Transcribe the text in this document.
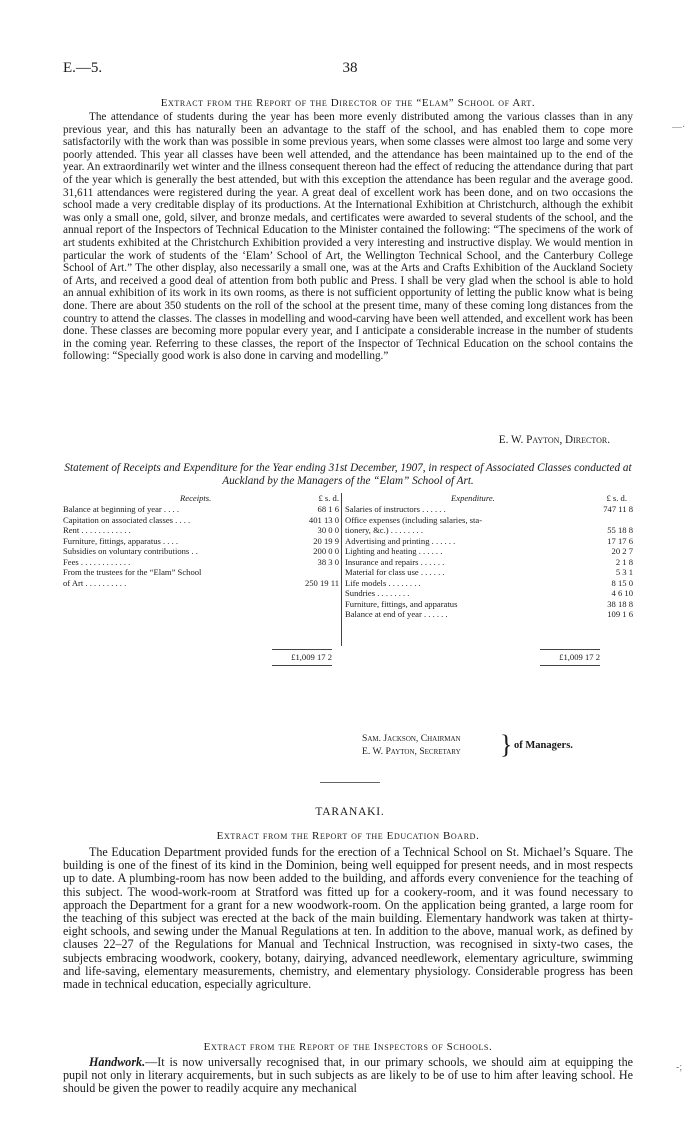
E.—5.	38
—·
-;
Extract from the Report of the Director of the “Elam” School of Art.

The attendance of students during the year has been more evenly distributed among the various classes than in any previous year, and this has naturally been an advantage to the staff of the school, and has enabled them to cope more satisfactorily with the work than was possible in some previous years, when some classes were almost too large and some very poorly attended. This year all classes have been well attended, and the attendance has been maintained up to the end of the year. An extraordinarily wet winter and the illness consequent thereon had the effect of reducing the attendance during that part of the year which is generally the best attended, but with this exception the attendance has been regular and the average good. 31,611 attendances were registered during the year. A great deal of excellent work has been done, and on two occasions the school made a very creditable display of its productions. At the International Exhibition at Christchurch, although the exhibit was only a small one, gold, silver, and bronze medals, and certificates were awarded to several students of the school, and the annual report of the Inspectors of Technical Education to the Minister contained the following: “The specimens of the work of art students exhibited at the Christchurch Exhibition provided a very interesting and instructive display. We would mention in particular the work of students of the ‘Elam’ School of Art, the Wellington Technical School, and the Canterbury College School of Art.” The other display, also necessarily a small one, was at the Arts and Crafts Exhibition of the Auckland Society of Arts, and received a good deal of attention from both public and Press. I shall be very glad when the school is able to hold an annual exhibition of its work in its own rooms, as there is not sufficient opportunity of letting the public know what is being done. There are about 350 students on the roll of the school at the present time, many of these coming long distances from the country to attend the classes. The classes in modelling and wood-carving have been well attended, and excellent work has been done. These classes are becoming more popular every year, and I anticipate a considerable increase in the number of students in the coming year. Referring to these classes, the report of the Inspector of Technical Education on the school contains the following: “Specially good work is also done in carving and modelling.”

E. W. Payton, Director.
Statement of Receipts and Expenditure for the Year ending 31st December, 1907, in respect of Associated Classes conducted at Auckland by the Managers of the “Elam” School of Art.
Receipts.	£ s. d.	Expenditure.	£ s. d.
Balance at beginning of year . . . .	68 1 6
Capitation on associated classes . . . .	401 13 0
Rent . . . . . . . . . . . .	30 0 0
Furniture, fittings, apparatus . . . .	20 19 9
Subsidies on voluntary contributions . .	200 0 0
Fees . . . . . . . . . . . .	38 3 0
From the trustees for the “Elam” School
of Art . . . . . . . . . .	250 19 11
Salaries of instructors . . . . . .	747 11 8
Office expenses (including salaries, sta-
tionery, &c.) . . . . . . . .	55 18 8
Advertising and printing . . . . . .	17 17 6
Lighting and heating . . . . . .	20 2 7
Insurance and repairs . . . . . .	2 1 8
Material for class use . . . . . .	5 3 1
Life models . . . . . . . .	8 15 0
Sundries . . . . . . . .	4 6 10
Furniture, fittings, and apparatus	38 18 8
Balance at end of year . . . . . .	109 1 6
£1,009 17 2	£1,009 17 2
Sam. Jackson, Chairman
E. W. Payton, Secretary } of Managers.
TARANAKI.
Extract from the Report of the Education Board.

The Education Department provided funds for the erection of a Technical School on St. Michael’s Square. The building is one of the finest of its kind in the Dominion, being well equipped for present needs, and in most respects up to date. A plumbing-room has now been added to the building, and affords every convenience for the teaching of this subject. The wood-work-room at Stratford was fitted up for a cookery-room, and it was found necessary to approach the Department for a grant for a new woodwork-room. On the application being granted, a large room for the teaching of this subject was erected at the back of the main building. Elementary handwork was taken at thirty-eight schools, and sewing under the Manual Regulations at ten. In addition to the above, manual work, as defined by clauses 22–27 of the Regulations for Manual and Technical Instruction, was recognised in sixty-two cases, the subjects embracing woodwork, cookery, botany, dairying, advanced needlework, elementary agriculture, swimming and life-saving, elementary measurements, chemistry, and elementary physiology. Considerable progress has been made in technical education, especially agriculture.

Extract from the Report of the Inspectors of Schools.

Handwork.—It is now universally recognised that, in our primary schools, we should aim at equipping the pupil not only in literary acquirements, but in such subjects as are likely to be of use to him after leaving school. He should be given the power to readily acquire any mechanical
